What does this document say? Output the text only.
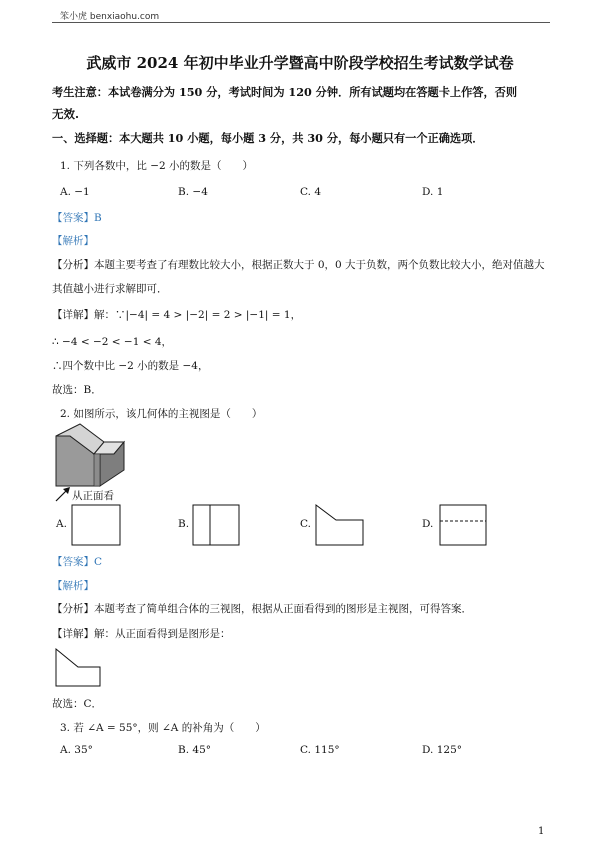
笨小虎 benxiaohu.com
武威市 2024 年初中毕业升学暨高中阶段学校招生考试数学试卷
考生注意：本试卷满分为 150 分，考试时间为 120 分钟．所有试题均在答题卡上作答，否则
无效.
一、选择题：本大题共 10 小题，每小题 3 分，共 30 分，每小题只有一个正确选项．
1. 下列各数中，比 −2 小的数是（　　）
A. −1	B. −4	C. 4	D. 1
【答案】B
【解析】
【分析】本题主要考查了有理数比较大小，根据正数大于 0，0 大于负数，两个负数比较大小，绝对值越大
其值越小进行求解即可．
【详解】解：∵|−4| = 4 > |−2| = 2 > |−1| = 1，
∴ −4 < −2 < −1 < 4，
∴四个数中比 −2 小的数是 −4，
故选：B．
2. 如图所示，该几何体的主视图是（　　）
从正面看
A.	B.	C.	D.
【答案】C
【解析】
【分析】本题考查了简单组合体的三视图，根据从正面看得到的图形是主视图，可得答案．
【详解】解：从正面看得到是图形是：
故选：C．
3. 若 ∠A = 55°，则 ∠A 的补角为（　　）
A. 35°	B. 45°	C. 115°	D. 125°
1
